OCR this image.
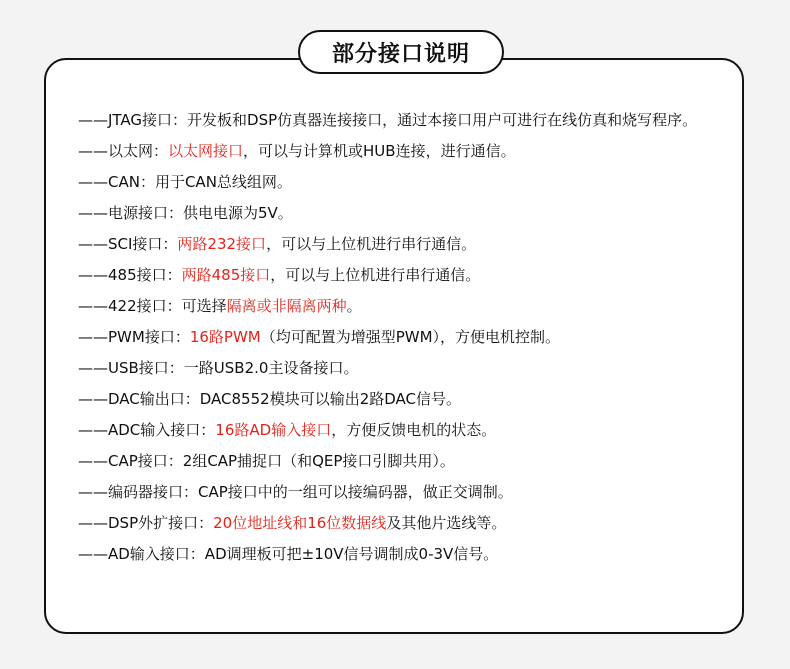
部分接口说明
——JTAG接口：开发板和DSP仿真器连接接口，通过本接口用户可进行在线仿真和烧写程序。
——以太网：以太网接口，可以与计算机或HUB连接，进行通信。
——CAN：用于CAN总线组网。
——电源接口：供电电源为5V。
——SCI接口：两路232接口，可以与上位机进行串行通信。
——485接口：两路485接口，可以与上位机进行串行通信。
——422接口：可选择隔离或非隔离两种。
——PWM接口：16路PWM（均可配置为增强型PWM），方便电机控制。
——USB接口：一路USB2.0主设备接口。
——DAC输出口：DAC8552模块可以输出2路DAC信号。
——ADC输入接口：16路AD输入接口，方便反馈电机的状态。
——CAP接口：2组CAP捕捉口（和QEP接口引脚共用）。
——编码器接口：CAP接口中的一组可以接编码器，做正交调制。
——DSP外扩接口：20位地址线和16位数据线及其他片选线等。
——AD输入接口：AD调理板可把±10V信号调制成0-3V信号。
